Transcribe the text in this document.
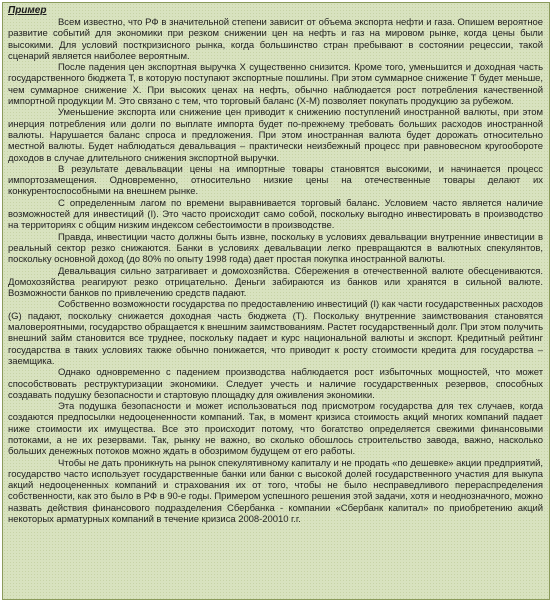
Пример

Всем известно, что РФ в значительной степени зависит от объема экспорта нефти и газа. Опишем вероятное развитие событий для экономики при резком снижении цен на нефть и газ на мировом рынке, когда цены были высокими. Для условий посткризисного рынка, когда большинство стран пребывают в состоянии рецессии, такой сценарий является наиболее вероятным.

После падения цен экспортная выручка X существенно снизится. Кроме того, уменьшится и доходная часть государственного бюджета T, в которую поступают экспортные пошлины. При этом суммарное снижение T будет меньше, чем суммарное снижение X. При высоких ценах на нефть, обычно наблюдается рост потребления качественной импортной продукции M. Это связано с тем, что торговый баланс (X-M) позволяет покупать продукцию за рубежом.

Уменьшение экспорта или снижение цен приводит к снижению поступлений иностранной валюты, при этом инерция потребления или долги по выплате импорта будет по-прежнему требовать больших расходов иностранной валюты. Нарушается баланс спроса и предложения. При этом иностранная валюта будет дорожать относительно местной валюты. Будет наблюдаться девальвация – практически неизбежный процесс при равновесном кругообороте доходов в случае длительного снижения экспортной выручки.

В результате девальвации цены на импортные товары становятся высокими, и начинается процесс импортозамещения. Одновременно, относительно низкие цены на отечественные товары делают их конкурентоспособными на внешнем рынке.

С определенным лагом по времени выравнивается торговый баланс. Условием часто является наличие возможностей для инвестиций (I). Это часто происходит само собой, поскольку выгодно инвестировать в производство на территориях с общим низким индексом себестоимости в производстве.

Правда, инвестиции часто должны быть извне, поскольку в условиях девальвации внутренние инвестиции в реальный сектор резко снижаются. Банки в условиях девальвации легко превращаются в валютных спекулянтов, поскольку основной доход (до 80% по опыту 1998 года) дает простая покупка иностранной валюты.

Девальвация сильно затрагивает и домохозяйства. Сбережения в отечественной валюте обесцениваются. Домохозяйства реагируют резко отрицательно. Деньги забираются из банков или хранятся в сильной валюте. Возможности банков по привлечению средств падают.

Собственно возможности государства по предоставлению инвестиций (I) как части государственных расходов (G) падают, поскольку снижается доходная часть бюджета (T). Поскольку внутренние заимствования становятся маловероятными, государство обращается к внешним заимствованиям. Растет государственный долг. При этом получить внешний займ становится все труднее, поскольку падает и курс национальной валюты и экспорт. Кредитный рейтинг государства в таких условиях также обычно понижается, что приводит к росту стоимости кредита для государства – заемщика.

Однако одновременно с падением производства наблюдается рост избыточных мощностей, что может способствовать реструктуризации экономики. Следует учесть и наличие государственных резервов, способных создавать подушку безопасности и стартовую площадку для оживления экономики.

Эта подушка безопасности и может использоваться под присмотром государства для тех случаев, когда создаются предпосылки недооцененности компаний. Так, в момент кризиса стоимость акций многих компаний падает ниже стоимости их имущества. Все это происходит потому, что богатство определяется свежими финансовыми потоками, а не их резервами. Так, рынку не важно, во сколько обошлось строительство завода, важно, насколько больших денежных потоков можно ждать в обозримом будущем от его работы.

Чтобы не дать проникнуть на рынок спекулятивному капиталу и не продать «по дешевке» акции предприятий, государство часто использует государственные банки или банки с высокой долей государственного участия для выкупа акций недооцененных компаний и страхования их от того, чтобы не было несправедливого перераспределения собственности, как это было в РФ в 90-е годы. Примером успешного решения этой задачи, хотя и неоднозначного, можно назвать действия финансового подразделения Сбербанка - компании «Сбербанк капитал» по приобретению акций некоторых арматурных компаний в течение кризиса 2008-20010 г.г.
